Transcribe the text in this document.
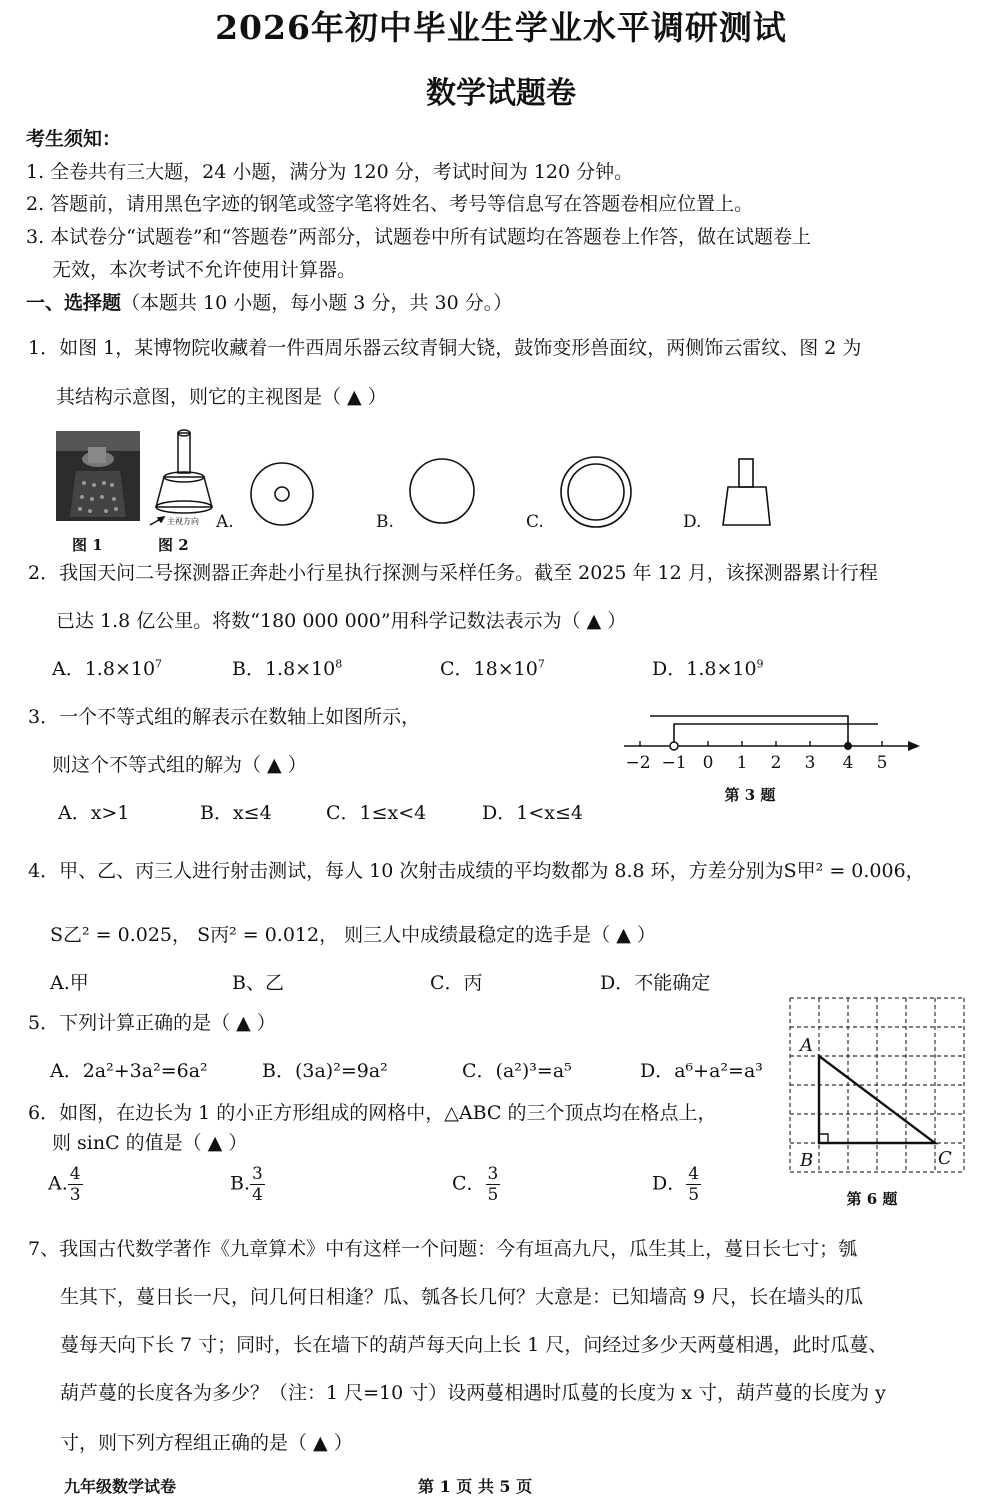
2026年初中毕业生学业水平调研测试
数学试题卷
考生须知：
1. 全卷共有三大题，24 小题，满分为 120 分，考试时间为 120 分钟。
2. 答题前，请用黑色字迹的钢笔或签字笔将姓名、考号等信息写在答题卷相应位置上。
3. 本试卷分“试题卷”和“答题卷”两部分，试题卷中所有试题均在答题卷上作答，做在试题卷上
无效，本次考试不允许使用计算器。
一、选择题（本题共 10 小题，每小题 3 分，共 30 分。）
1．如图 1，某博物院收藏着一件西周乐器云纹青铜大铙，鼓饰变形兽面纹，两侧饰云雷纹、图 2 为
其结构示意图，则它的主视图是（ ▲ ）
主视方向
图 1	图 2
A.	B.	C.	D.
2．我国天问二号探测器正奔赴小行星执行探测与采样任务。截至 2025 年 12 月，该探测器累计行程
已达 1.8 亿公里。将数“180 000 000”用科学记数法表示为（ ▲ ）
A．$1.8\times 10^7$	B．$1.8\times 10^8$	C．$18\times 10^7$	D．$1.8\times 10^9$
3．一个不等式组的解表示在数轴上如图所示，
则这个不等式组的解为（ ▲ ）
A．x>1	B．x≤4	C．1≤x<4	D．1<x≤4
−2 −1 0 1 2 3 4 5
第 3 题
4．甲、乙、丙三人进行射击测试，每人 10 次射击成绩的平均数都为 8.8 环，方差分别为S甲² = 0.006，
S乙² = 0.025， S丙² = 0.012， 则三人中成绩最稳定的选手是（ ▲ ）
A.甲	B、乙	C．丙	D．不能确定
5．下列计算正确的是（ ▲ ）
A．2a²+3a²=6a²	B．(3a)²=9a²	C．(a²)³=a⁵	D．a⁶+a²=a³
6．如图，在边长为 1 的小正方形组成的网格中，△ABC 的三个顶点均在格点上，
则 sinC 的值是（ ▲ ）
A. $\frac{4}{3}$	B. $\frac{3}{4}$	C． $\frac{3}{5}$	D． $\frac{4}{5}$
A
B	C
第 6 题
7、我国古代数学著作《九章算术》中有这样一个问题：今有垣高九尺，瓜生其上，蔓日长七寸；瓠
生其下，蔓日长一尺，问几何日相逢？瓜、瓠各长几何？大意是：已知墙高 9 尺，长在墙头的瓜
蔓每天向下长 7 寸；同时，长在墙下的葫芦每天向上长 1 尺，问经过多少天两蔓相遇，此时瓜蔓、
葫芦蔓的长度各为多少？（注：1 尺=10 寸）设两蔓相遇时瓜蔓的长度为 x 寸，葫芦蔓的长度为 y
寸，则下列方程组正确的是（ ▲ ）
九年级数学试卷	第 1 页 共 5 页
